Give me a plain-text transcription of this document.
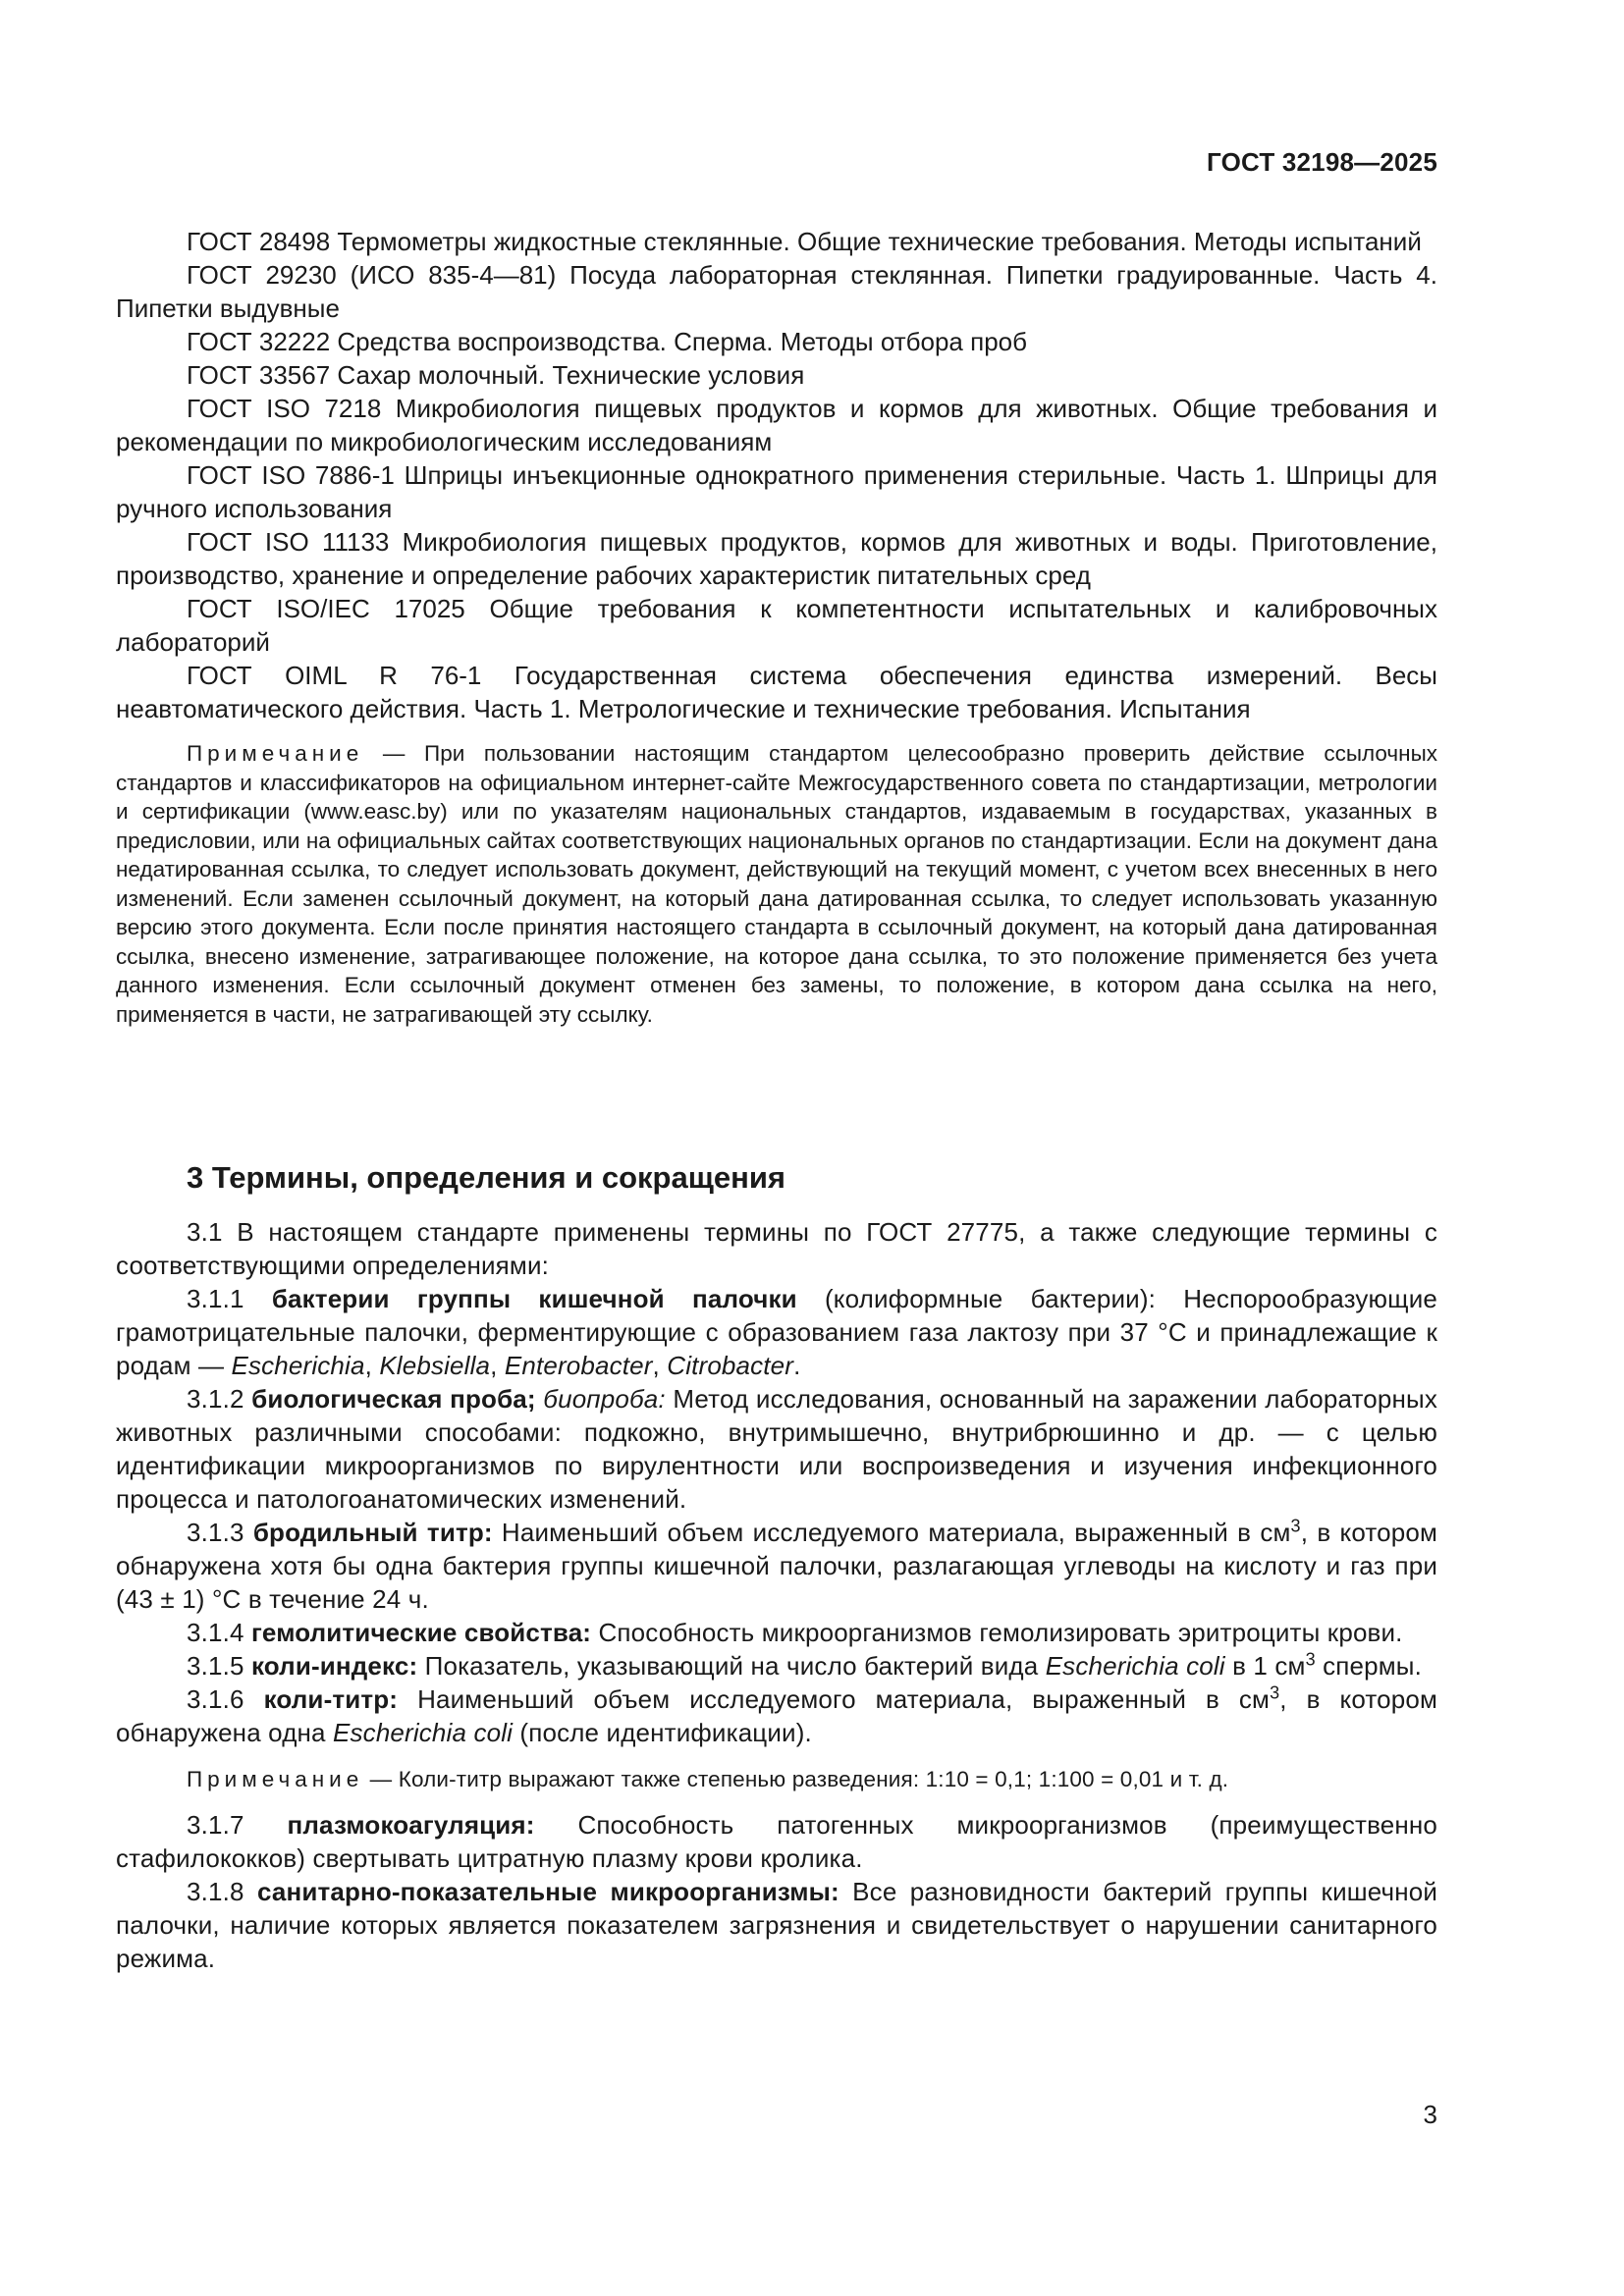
ГОСТ 32198—2025

ГОСТ 28498 Термометры жидкостные стеклянные. Общие технические требования. Методы испытаний

ГОСТ 29230 (ИСО 835-4—81) Посуда лабораторная стеклянная. Пипетки градуированные. Часть 4. Пипетки выдувные

ГОСТ 32222 Средства воспроизводства. Сперма. Методы отбора проб

ГОСТ 33567 Сахар молочный. Технические условия

ГОСТ ISO 7218 Микробиология пищевых продуктов и кормов для животных. Общие требования и рекомендации по микробиологическим исследованиям

ГОСТ ISO 7886-1 Шприцы инъекционные однократного применения стерильные. Часть 1. Шприцы для ручного использования

ГОСТ ISO 11133 Микробиология пищевых продуктов, кормов для животных и воды. Приготовление, производство, хранение и определение рабочих характеристик питательных сред

ГОСТ ISO/IEC 17025 Общие требования к компетентности испытательных и калибровочных лабораторий

ГОСТ OIML R 76-1 Государственная система обеспечения единства измерений. Весы неавтоматического действия. Часть 1. Метрологические и технические требования. Испытания

Примечание — При пользовании настоящим стандартом целесообразно проверить действие ссылочных стандартов и классификаторов на официальном интернет-сайте Межгосударственного совета по стандартизации, метрологии и сертификации (www.easc.by) или по указателям национальных стандартов, издаваемым в государствах, указанных в предисловии, или на официальных сайтах соответствующих национальных органов по стандартизации. Если на документ дана недатированная ссылка, то следует использовать документ, действующий на текущий момент, с учетом всех внесенных в него изменений. Если заменен ссылочный документ, на который дана датированная ссылка, то следует использовать указанную версию этого документа. Если после принятия настоящего стандарта в ссылочный документ, на который дана датированная ссылка, внесено изменение, затрагивающее положение, на которое дана ссылка, то это положение применяется без учета данного изменения. Если ссылочный документ отменен без замены, то положение, в котором дана ссылка на него, применяется в части, не затрагивающей эту ссылку.

3 Термины, определения и сокращения

3.1 В настоящем стандарте применены термины по ГОСТ 27775, а также следующие термины с соответствующими определениями:

3.1.1 бактерии группы кишечной палочки (колиформные бактерии): Неспорообразующие грамотрицательные палочки, ферментирующие с образованием газа лактозу при 37 °С и принадлежащие к родам — Escherichia, Klebsiella, Enterobacter, Citrobacter.

3.1.2 биологическая проба; биопроба: Метод исследования, основанный на заражении лабораторных животных различными способами: подкожно, внутримышечно, внутрибрюшинно и др. — с целью идентификации микроорганизмов по вирулентности или воспроизведения и изучения инфекционного процесса и патологоанатомических изменений.

3.1.3 бродильный титр: Наименьший объем исследуемого материала, выраженный в $см^3$, в котором обнаружена хотя бы одна бактерия группы кишечной палочки, разлагающая углеводы на кислоту и газ при (43 ± 1) °С в течение 24 ч.

3.1.4 гемолитические свойства: Способность микроорганизмов гемолизировать эритроциты крови.

3.1.5 коли-индекс: Показатель, указывающий на число бактерий вида Escherichia coli в 1 $см^3$ спермы.

3.1.6 коли-титр: Наименьший объем исследуемого материала, выраженный в $см^3$, в котором обнаружена одна Escherichia coli (после идентификации).

Примечание — Коли-титр выражают также степенью разведения: 1:10 = 0,1; 1:100 = 0,01 и т. д.

3.1.7 плазмокоагуляция: Способность патогенных микроорганизмов (преимущественно стафилококков) свертывать цитратную плазму крови кролика.

3.1.8 санитарно-показательные микроорганизмы: Все разновидности бактерий группы кишечной палочки, наличие которых является показателем загрязнения и свидетельствует о нарушении санитарного режима.

3
